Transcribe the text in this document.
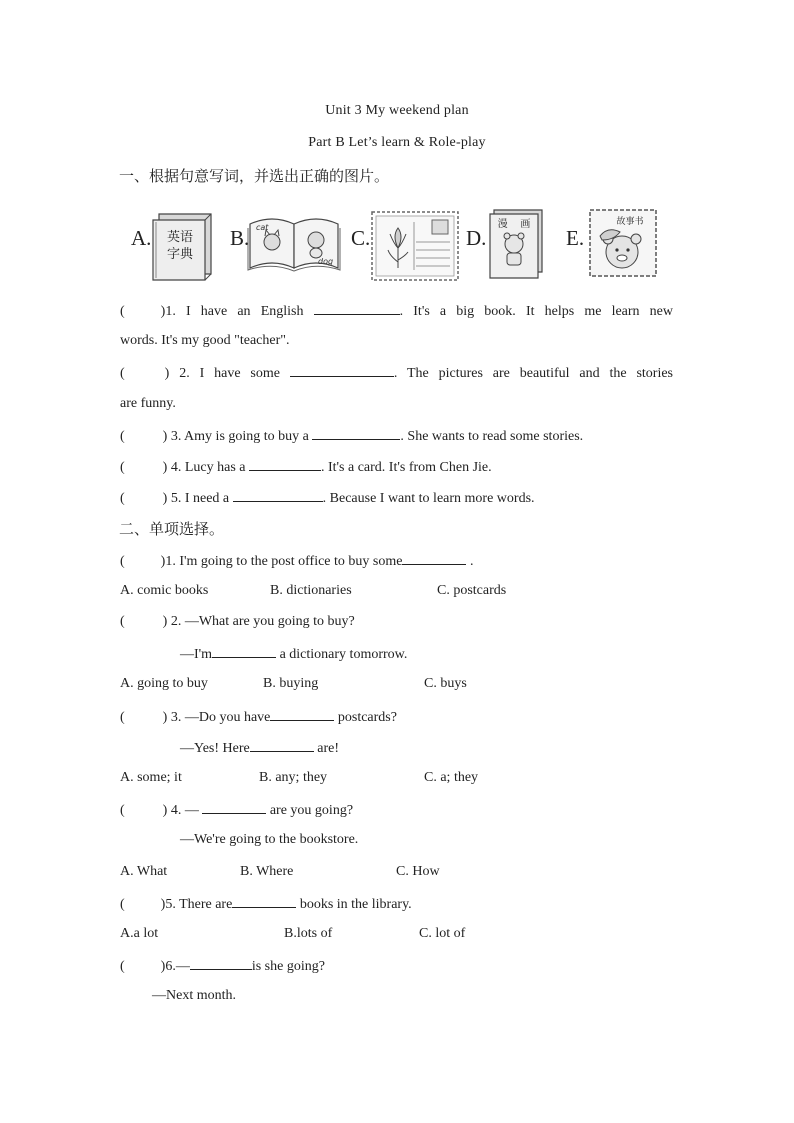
Unit 3 My weekend plan
Part B Let’s learn & Role-play
一、根据句意写词，并选出正确的图片。
A. 英语
字典
B. cat
dog
C.	D.
漫    画
E.
故事书
(	)1. I have an English	. It's a big book. It helps me learn new
words. It's my good "teacher".
(	) 2. I have some	. The pictures are beautiful and the stories
are funny.
(	) 3. Amy is going to buy a	. She wants to read some stories.
(	) 4. Lucy has a	. It's a card. It's from Chen Jie.
(	) 5. I need a	. Because I want to learn more words.
二、单项选择。
(	)1. I'm going to the post office to buy some	.
A. comic books	B. dictionaries	C. postcards
(	) 2. —What are you going to buy?
—I'm	a dictionary tomorrow.
A. going to buy	B. buying	C. buys
(	) 3. —Do you have	postcards?
—Yes! Here	are!
A. some; it	B. any; they	C. a; they
(	) 4. —	are you going?
—We're going to the bookstore.
A. What	B. Where	C. How
(	)5. There are	books in the library.
A.a lot	B.lots of	C. lot of
(	)6.—	is she going?
—Next month.
